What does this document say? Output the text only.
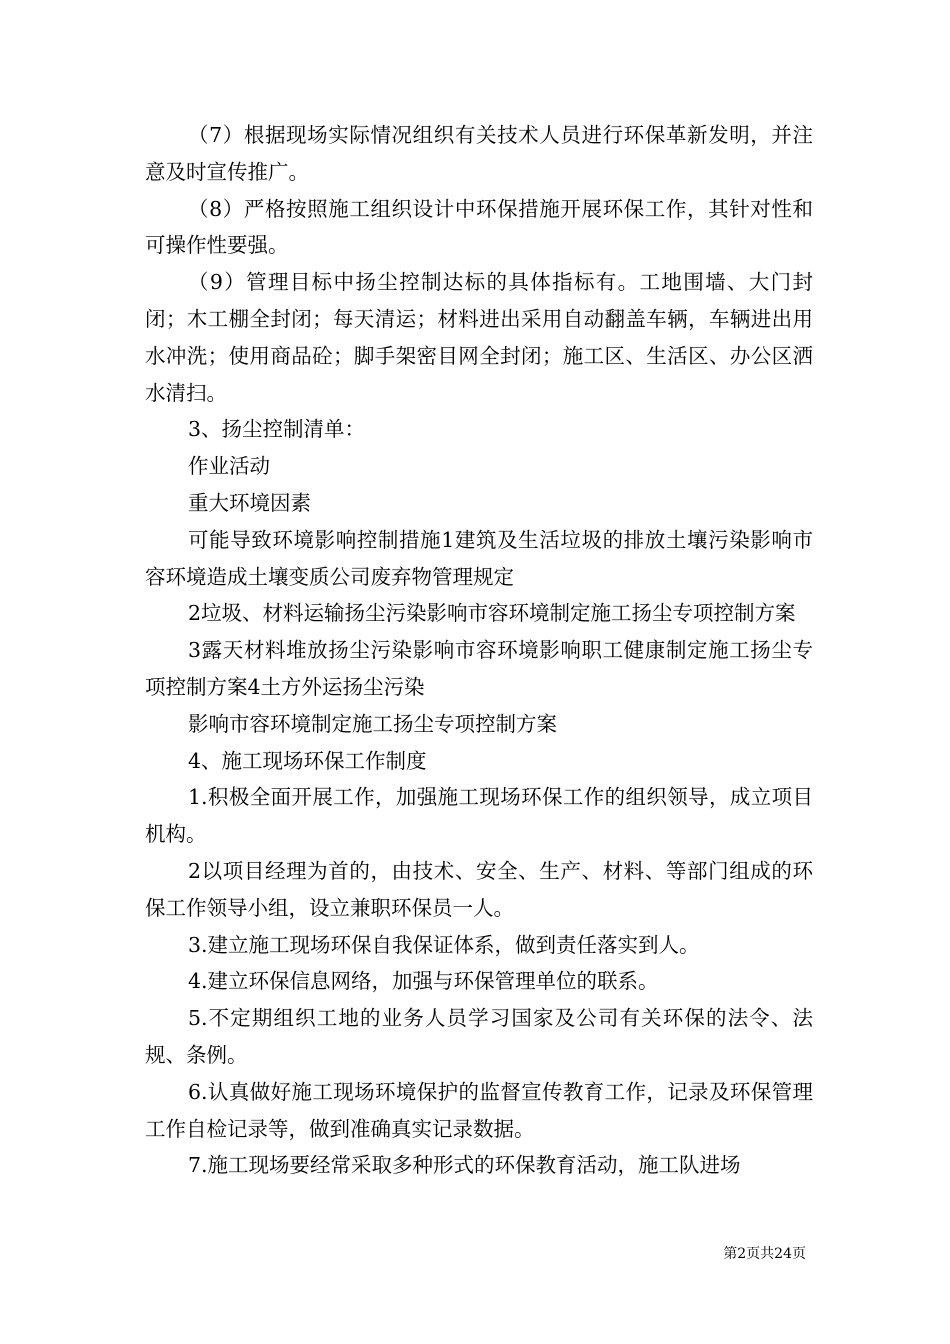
（7）根据现场实际情况组织有关技术人员进行环保革新发明，并注意及时宣传推广。

（8）严格按照施工组织设计中环保措施开展环保工作，其针对性和可操作性要强。

（9）管理目标中扬尘控制达标的具体指标有。工地围墙、大门封闭；木工棚全封闭；每天清运；材料进出采用自动翻盖车辆，车辆进出用水冲洗；使用商品砼；脚手架密目网全封闭；施工区、生活区、办公区洒水清扫。

3、扬尘控制清单：

作业活动

重大环境因素

可能导致环境影响控制措施1建筑及生活垃圾的排放土壤污染影响市容环境造成土壤变质公司废弃物管理规定

2垃圾、材料运输扬尘污染影响市容环境制定施工扬尘专项控制方案

3露天材料堆放扬尘污染影响市容环境影响职工健康制定施工扬尘专项控制方案4土方外运扬尘污染

影响市容环境制定施工扬尘专项控制方案

4、施工现场环保工作制度

1.积极全面开展工作，加强施工现场环保工作的组织领导，成立项目机构。

2以项目经理为首的，由技术、安全、生产、材料、等部门组成的环保工作领导小组，设立兼职环保员一人。

3.建立施工现场环保自我保证体系，做到责任落实到人。

4.建立环保信息网络，加强与环保管理单位的联系。

5.不定期组织工地的业务人员学习国家及公司有关环保的法令、法规、条例。

6.认真做好施工现场环境保护的监督宣传教育工作，记录及环保管理工作自检记录等，做到准确真实记录数据。

7.施工现场要经常采取多种形式的环保教育活动，施工队进场

第2页共24页
